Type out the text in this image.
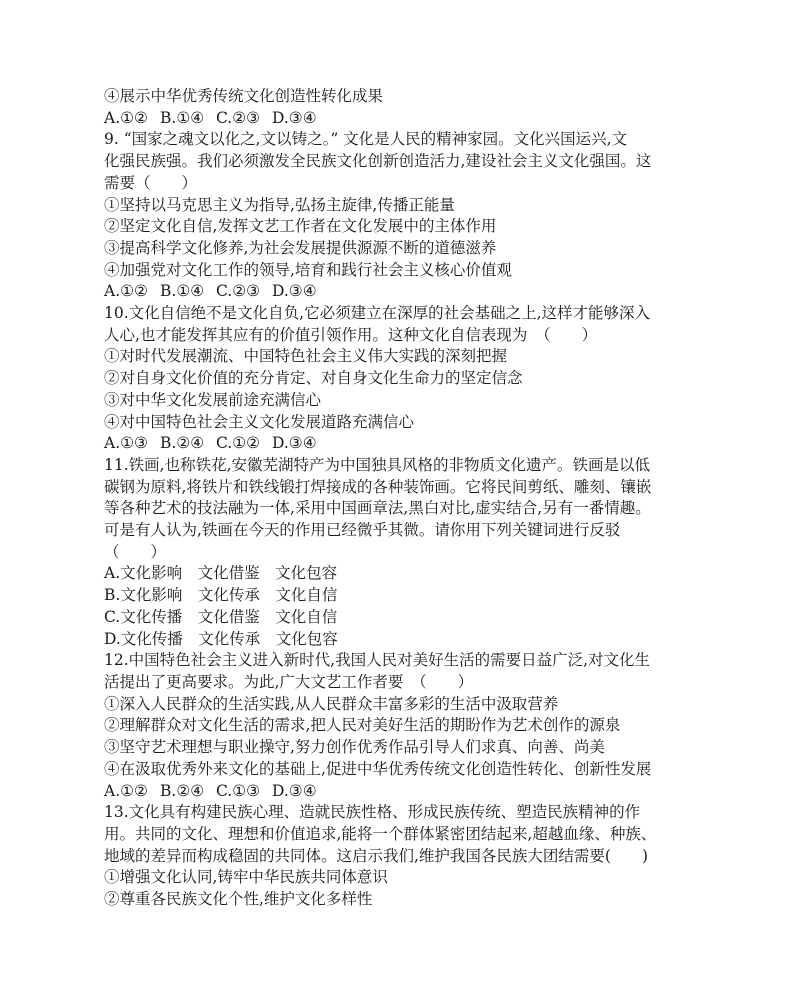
④展示中华优秀传统文化创造性转化成果
A.①② B.①④ C.②③ D.③④
9. “国家之魂文以化之,文以铸之。” 文化是人民的精神家园。文化兴国运兴,文
化强民族强。我们必须激发全民族文化创新创造活力,建设社会主义文化强国。这
需要（　　）
①坚持以马克思主义为指导,弘扬主旋律,传播正能量
②坚定文化自信,发挥文艺工作者在文化发展中的主体作用
③提高科学文化修养,为社会发展提供源源不断的道德滋养
④加强党对文化工作的领导,培育和践行社会主义核心价值观
A.①② B.①④ C.②③ D.③④
10.文化自信绝不是文化自负,它必须建立在深厚的社会基础之上,这样才能够深入
人心,也才能发挥其应有的价值引领作用。这种文化自信表现为　（　　）
①对时代发展潮流、中国特色社会主义伟大实践的深刻把握
②对自身文化价值的充分肯定、对自身文化生命力的坚定信念
③对中华文化发展前途充满信心
④对中国特色社会主义文化发展道路充满信心
A.①③ B.②④ C.①② D.③④
11.铁画,也称铁花,安徽芜湖特产为中国独具风格的非物质文化遗产。铁画是以低
碳钢为原料,将铁片和铁线锻打焊接成的各种装饰画。它将民间剪纸、雕刻、镶嵌
等各种艺术的技法融为一体,采用中国画章法,黑白对比,虚实结合,另有一番情趣。
可是有人认为,铁画在今天的作用已经微乎其微。请你用下列关键词进行反驳
（　　）
A.文化影响　文化借鉴　文化包容
B.文化影响　文化传承　文化自信
C.文化传播　文化借鉴　文化自信
D.文化传播　文化传承　文化包容
12.中国特色社会主义进入新时代,我国人民对美好生活的需要日益广泛,对文化生
活提出了更高要求。为此,广大文艺工作者要　（　　）
①深入人民群众的生活实践,从人民群众丰富多彩的生活中汲取营养
②理解群众对文化生活的需求,把人民对美好生活的期盼作为艺术创作的源泉
③坚守艺术理想与职业操守,努力创作优秀作品引导人们求真、向善、尚美
④在汲取优秀外来文化的基础上,促进中华优秀传统文化创造性转化、创新性发展
A.①② B.②④ C.①③ D.③④
13.文化具有构建民族心理、造就民族性格、形成民族传统、塑造民族精神的作
用。共同的文化、理想和价值追求,能将一个群体紧密团结起来,超越血缘、种族、
地域的差异而构成稳固的共同体。这启示我们,维护我国各民族大团结需要(　　)
①增强文化认同,铸牢中华民族共同体意识
②尊重各民族文化个性,维护文化多样性
